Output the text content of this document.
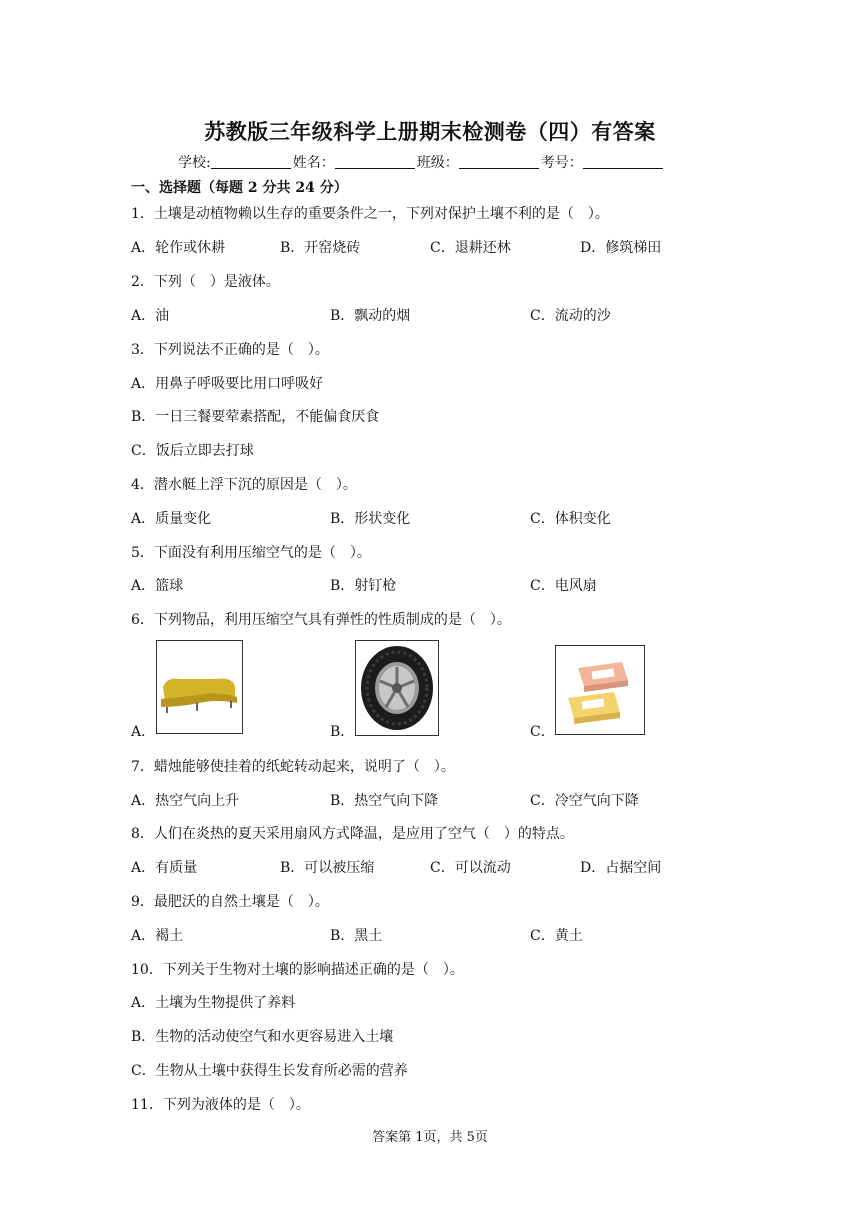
苏教版三年级科学上册期末检测卷（四）有答案
学校:	姓名：	班级：	考号：
一、选择题（每题 2 分共 24 分）
1．土壤是动植物赖以生存的重要条件之一，下列对保护土壤不利的是（　）。
A．轮作或休耕	B．开窑烧砖	C．退耕还林	D．修筑梯田
2．下列（　）是液体。
A．油	B．飘动的烟	C．流动的沙
3．下列说法不正确的是（　）。
A．用鼻子呼吸要比用口呼吸好
B．一日三餐要荤素搭配，不能偏食厌食
C．饭后立即去打球
4．潜水艇上浮下沉的原因是（　）。
A．质量变化	B．形状变化	C．体积变化
5．下面没有利用压缩空气的是（　）。
A．篮球	B．射钉枪	C．电风扇
6．下列物品，利用压缩空气具有弹性的性质制成的是（　）。
A．	B．	C．
7．蜡烛能够使挂着的纸蛇转动起来，说明了（　）。
A．热空气向上升	B．热空气向下降	C．冷空气向下降
8．人们在炎热的夏天采用扇风方式降温，是应用了空气（　）的特点。
A．有质量	B．可以被压缩	C．可以流动	D．占据空间
9．最肥沃的自然土壤是（　）。
A．褐土	B．黑土	C．黄土
10．下列关于生物对土壤的影响描述正确的是（　）。
A．土壤为生物提供了养料
B．生物的活动使空气和水更容易进入土壤
C．生物从土壤中获得生长发育所必需的营养
11．下列为液体的是（　）。
答案第 1页，共 5页
